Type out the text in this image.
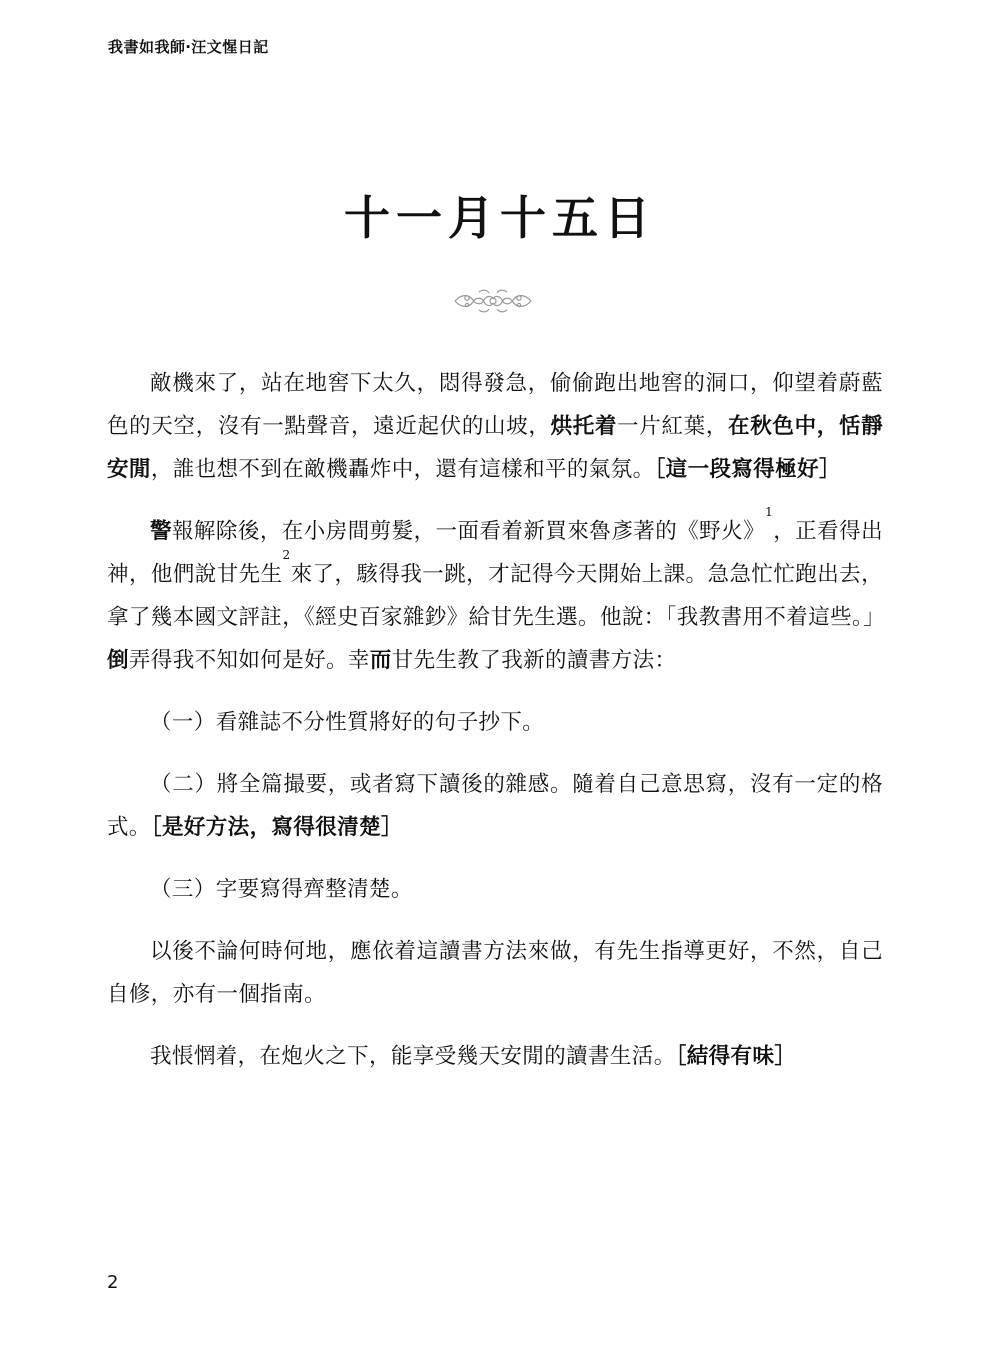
我書如我師‧汪文惺日記
十一月十五日

敵機來了，站在地窖下太久，悶得發急，偷偷跑出地窖的洞口，仰望着蔚藍色的天空，沒有一點聲音，遠近起伏的山坡，烘托着一片紅葉，在秋色中，恬靜安閒，誰也想不到在敵機轟炸中，還有這樣和平的氣氛。［這一段寫得極好］

警報解除後，在小房間剪髮，一面看着新買來魯彥著的《野火》$^1$，正看得出神，他們說甘先生$^2$來了，駭得我一跳，才記得今天開始上課。急急忙忙跑出去，拿了幾本國文評註，《經史百家雜鈔》給甘先生選。他說：「我教書用不着這些。」倒弄得我不知如何是好。幸而甘先生教了我新的讀書方法：

（一）看雜誌不分性質將好的句子抄下。

（二）將全篇撮要，或者寫下讀後的雜感。隨着自己意思寫，沒有一定的格式。［是好方法，寫得很清楚］

（三）字要寫得齊整清楚。

以後不論何時何地，應依着這讀書方法來做，有先生指導更好，不然，自己自修，亦有一個指南。

我悵惘着，在炮火之下，能享受幾天安閒的讀書生活。［結得有味］

2
